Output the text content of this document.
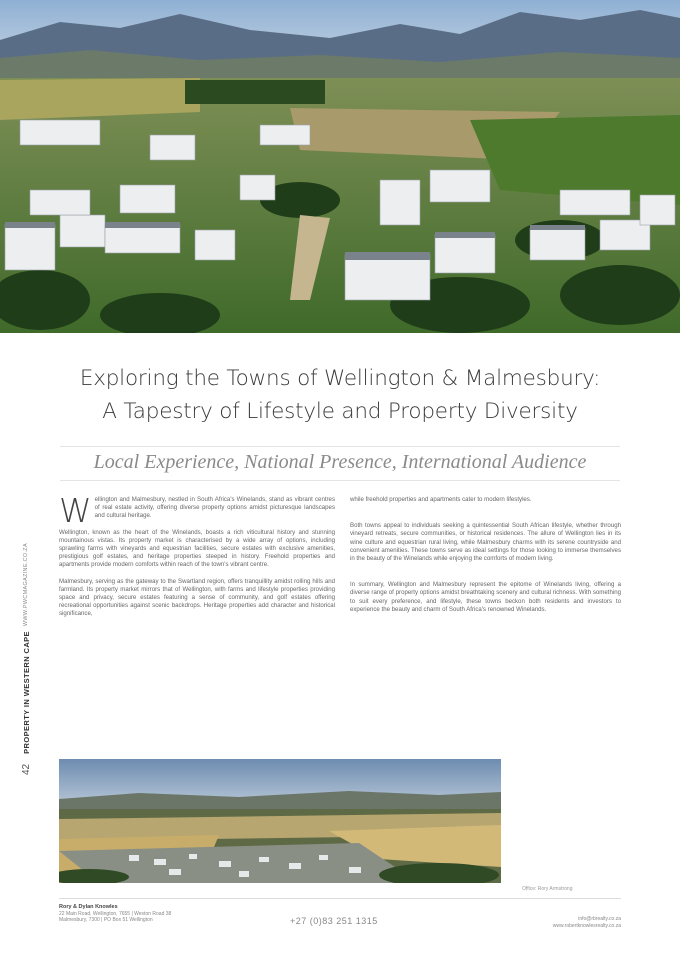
Exploring the Towns of Wellington & Malmesbury:
A Tapestry of Lifestyle and Property Diversity
Local Experience, National Presence, International Audience
42
PROPERTY IN WESTERN CAPE
WWW.PWCMAGAZINE.CO.ZA

Wellington and Malmesbury, nestled in South Africa's Winelands, stand as vibrant centres of real estate activity, offering diverse property options amidst picturesque landscapes and cultural heritage.

Wellington, known as the heart of the Winelands, boasts a rich viticultural history and stunning mountainous vistas. Its property market is characterised by a wide array of options, including sprawling farms with vineyards and equestrian facilities, secure estates with exclusive amenities, prestigious golf estates, and heritage properties steeped in history. Freehold properties and apartments provide modern comforts within reach of the town's vibrant centre.

Malmesbury, serving as the gateway to the Swartland region, offers tranquillity amidst rolling hills and farmland. Its property market mirrors that of Wellington, with farms and lifestyle properties providing space and privacy, secure estates featuring a sense of community, and golf estates offering recreational opportunities against scenic backdrops. Heritage properties add character and historical significance,

while freehold properties and apartments cater to modern lifestyles.

Both towns appeal to individuals seeking a quintessential South African lifestyle, whether through vineyard retreats, secure communities, or historical residences. The allure of Wellington lies in its wine culture and equestrian rural living, while Malmesbury charms with its serene countryside and convenient amenities. These towns serve as ideal settings for those looking to immerse themselves in the beauty of the Winelands while enjoying the comforts of modern living.

In summary, Wellington and Malmesbury represent the epitome of Winelands living, offering a diverse range of property options amidst breathtaking scenery and cultural richness. With something to suit every preference, and lifestyle, these towns beckon both residents and investors to experience the beauty and charm of South Africa's renowned Winelands.

Office: Rory Armstrong
Rory & Dylan Knowles
22 Main Road, Wellington, 7655 | Weston Road 38
Malmesbury, 7300 | PO Box 51 Wellington	+27 (0)83 251 1315	info@rbrealty.co.za
www.robertknowlesrealty.co.za
